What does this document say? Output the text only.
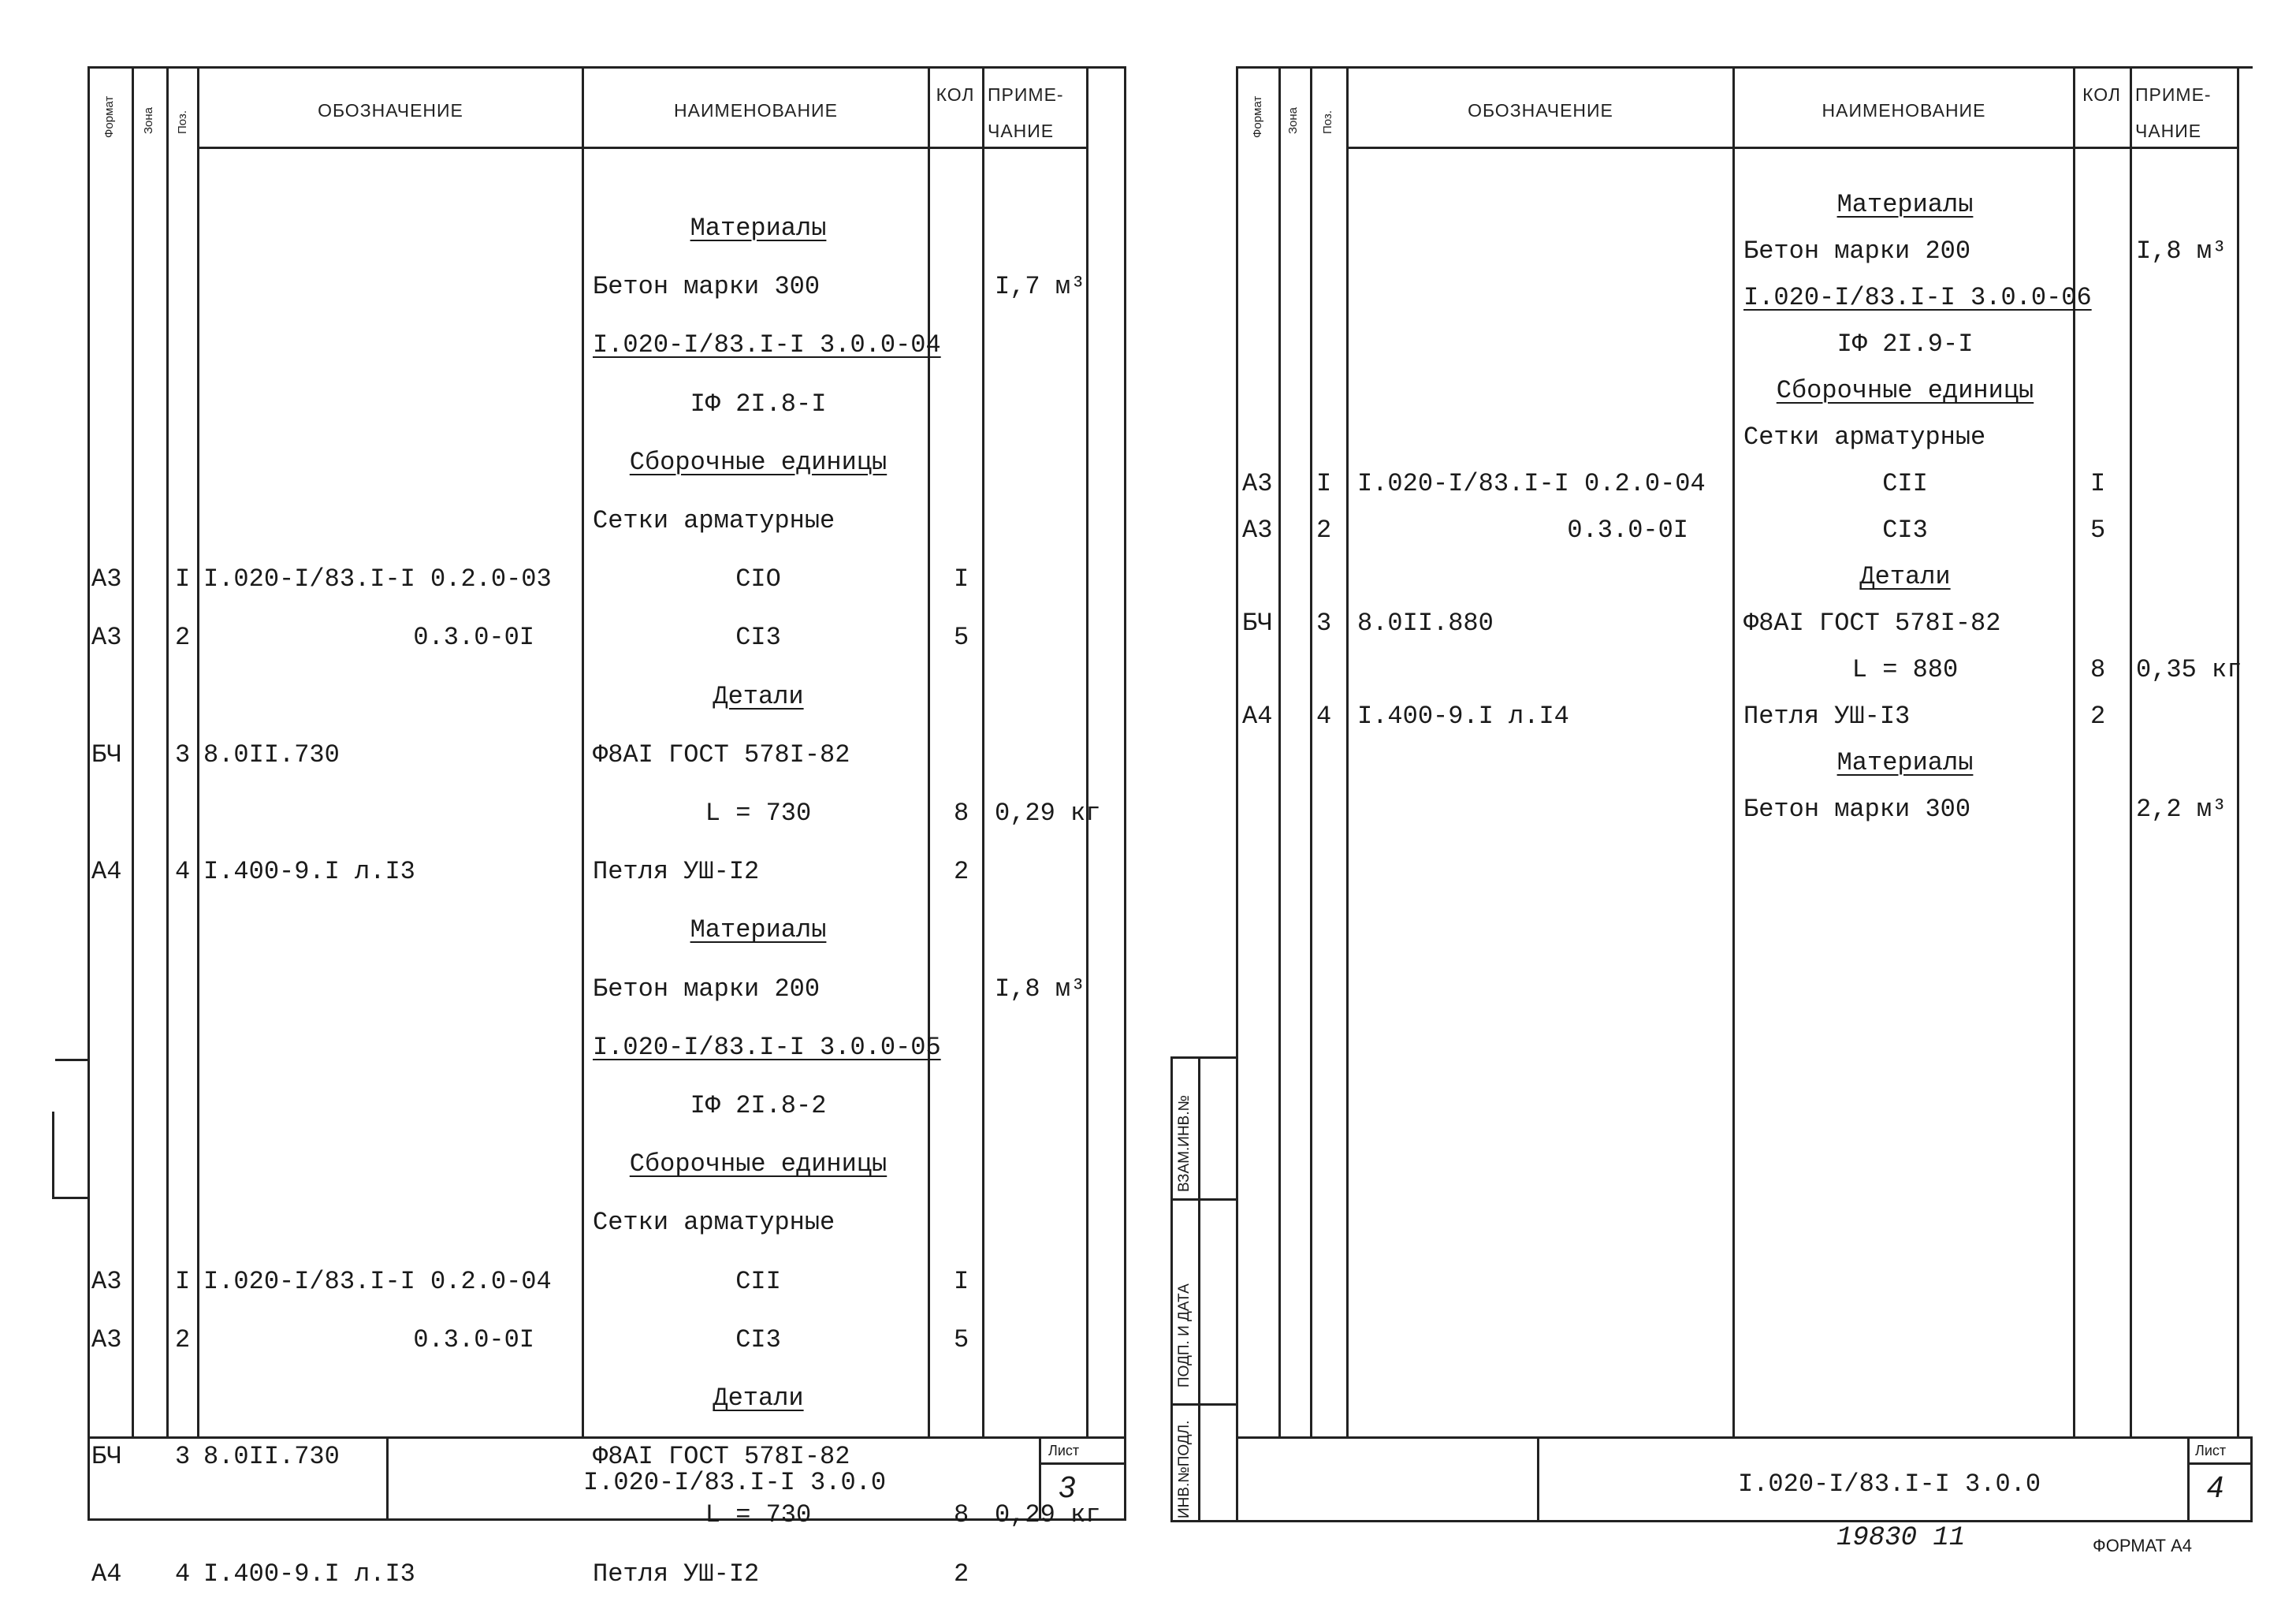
Формат Зона Поз.
ОБОЗНАЧЕНИЕ	НАИМЕНОВАНИЕ
КОЛ ПРИМЕ-
ЧАНИЕ
Материалы
Бетон марки 300	I,7 м³
I.020-I/83.I-I 3.0.0-04
IФ 2I.8-I
Сборочные единицы
Сетки арматурные
А3 I I.020-I/83.I-I 0.2.0-03	СIО	I
А3 2	0.3.0-0I	СI3	5
Детали
БЧ 3 8.0II.730	Ф8АI ГОСТ 578I-82
L = 730	8 0,29 кг
А4 4 I.400-9.I л.I3	Петля УШ-I2	2
Материалы
Бетон марки 200	I,8 м³
I.020-I/83.I-I 3.0.0-05
IФ 2I.8-2
Сборочные единицы
Сетки арматурные
А3 I I.020-I/83.I-I 0.2.0-04	СII	I
А3 2	0.3.0-0I	СI3	5
Детали
БЧ 3 8.0II.730	Ф8АI ГОСТ 578I-82
L = 730	8 0,29 кг
А4 4 I.400-9.I л.I3	Петля УШ-I2	2
I.020-I/83.I-I 3.0.0
Лист
3
ВЗАМ.ИНВ.№
ПОДП. И ДАТА
ИНВ.№ПОДЛ.
Формат Зона Поз.
ОБОЗНАЧЕНИЕ	НАИМЕНОВАНИЕ
КОЛ ПРИМЕ-
ЧАНИЕ
Материалы
Бетон марки 200	I,8 м³
I.020-I/83.I-I 3.0.0-06
IФ 2I.9-I
Сборочные единицы
Сетки арматурные
А3 I I.020-I/83.I-I 0.2.0-04	СII	I
А3 2	0.3.0-0I	СI3	5
Детали
БЧ 3 8.0II.880	Ф8АI ГОСТ 578I-82
L = 880	8 0,35 кг
А4 4 I.400-9.I л.I4	Петля УШ-I3	2
Материалы
Бетон марки 300	2,2 м³
I.020-I/83.I-I 3.0.0
Лист
4
19830 11	ФОРМАТ А4
